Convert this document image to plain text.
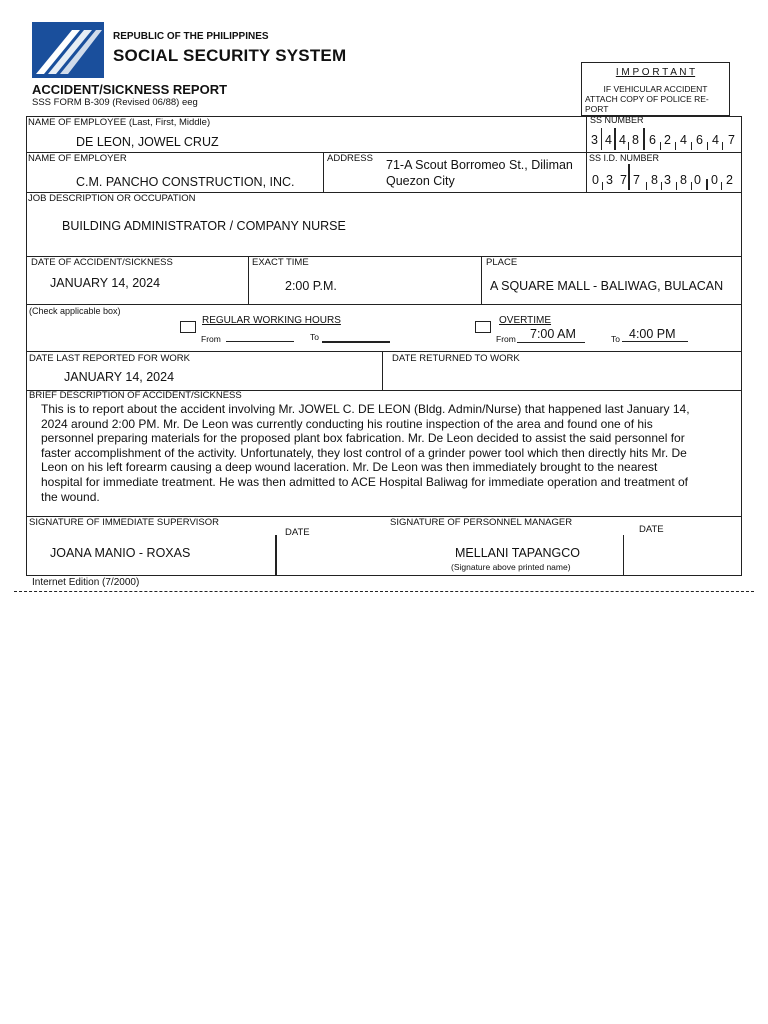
REPUBLIC OF THE PHILIPPINES
SOCIAL SECURITY SYSTEM
ACCIDENT/SICKNESS REPORT
SSS FORM B-309 (Revised 06/88) eeg
I M P O R T A N T
IF VEHICULAR ACCIDENT
ATTACH COPY OF POLICE RE-
PORT
NAME OF EMPLOYEE (Last, First, Middle)
DE LEON, JOWEL CRUZ
SS NUMBER
3 4 4 8 6 2 4 6 4 7
NAME OF EMPLOYER
C.M. PANCHO CONSTRUCTION, INC.
ADDRESS 71-A Scout Borromeo St., Diliman
Quezon City
SS I.D. NUMBER
0 3 7 7 8 3 8 0 0 2
JOB DESCRIPTION OR OCCUPATION
BUILDING ADMINISTRATOR / COMPANY NURSE
DATE OF ACCIDENT/SICKNESS
JANUARY 14, 2024
EXACT TIME
2:00 P.M.
PLACE
A SQUARE MALL - BALIWAG, BULACAN
(Check applicable box)
REGULAR WORKING HOURS
From	To
OVERTIME
From 7:00 AM	To 4:00 PM
DATE LAST REPORTED FOR WORK
JANUARY 14, 2024
DATE RETURNED TO WORK
BRIEF DESCRIPTION OF ACCIDENT/SICKNESS
This is to report about the accident involving Mr. JOWEL C. DE LEON (Bldg. Admin/Nurse) that happened last January 14,
2024 around 2:00 PM. Mr. De Leon was currently conducting his routine inspection of the area and found one of his
personnel preparing materials for the proposed plant box fabrication. Mr. De Leon decided to assist the said personnel for
faster accomplishment of the activity. Unfortunately, they lost control of a grinder power tool which then directly hits Mr. De
Leon on his left forearm causing a deep wound laceration. Mr. De Leon was then immediately brought to the nearest
hospital for immediate treatment. He was then admitted to ACE Hospital Baliwag for immediate operation and treatment of
the wound.
SIGNATURE OF IMMEDIATE SUPERVISOR
JOANA MANIO - ROXAS
DATE
SIGNATURE OF PERSONNEL MANAGER
MELLANI TAPANGCO
(Signature above printed name)
DATE
Internet Edition (7/2000)
